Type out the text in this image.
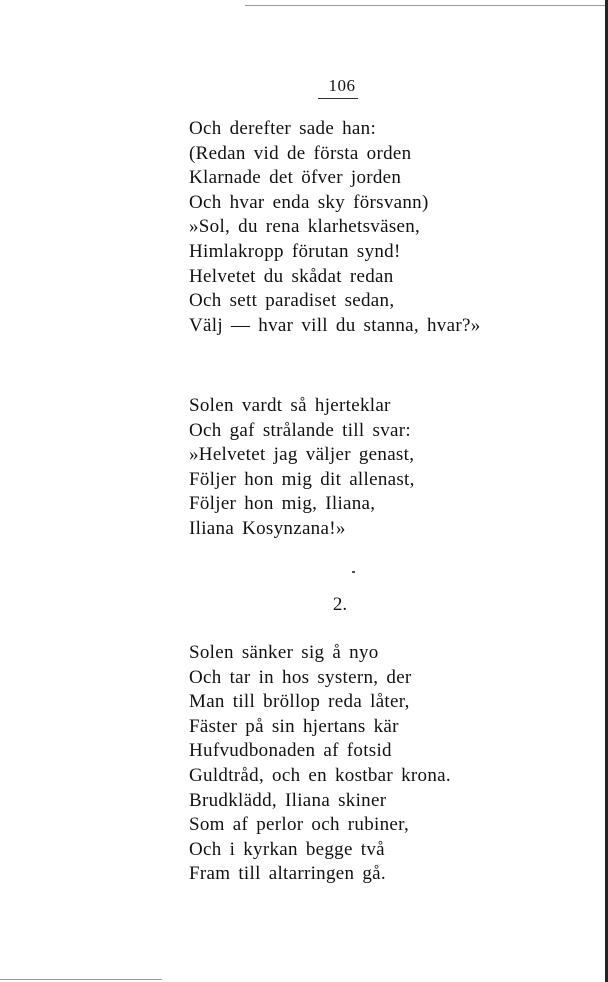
106
Och derefter sade han:
(Redan vid de första orden
Klarnade det öfver jorden
Och hvar enda sky försvann)
»Sol, du rena klarhetsväsen,
Himlakropp förutan synd!
Helvetet du skådat redan
Och sett paradiset sedan,
Välj — hvar vill du stanna, hvar?»
Solen vardt så hjerteklar
Och gaf strålande till svar:
»Helvetet jag väljer genast,
Följer hon mig dit allenast,
Följer hon mig, Iliana,
Iliana Kosynzana!»
2.
Solen sänker sig å nyo
Och tar in hos systern, der
Man till bröllop reda låter,
Fäster på sin hjertans kär
Hufvudbonaden af fotsid
Guldtråd, och en kostbar krona.
Brudklädd, Iliana skiner
Som af perlor och rubiner,
Och i kyrkan begge två
Fram till altarringen gå.
